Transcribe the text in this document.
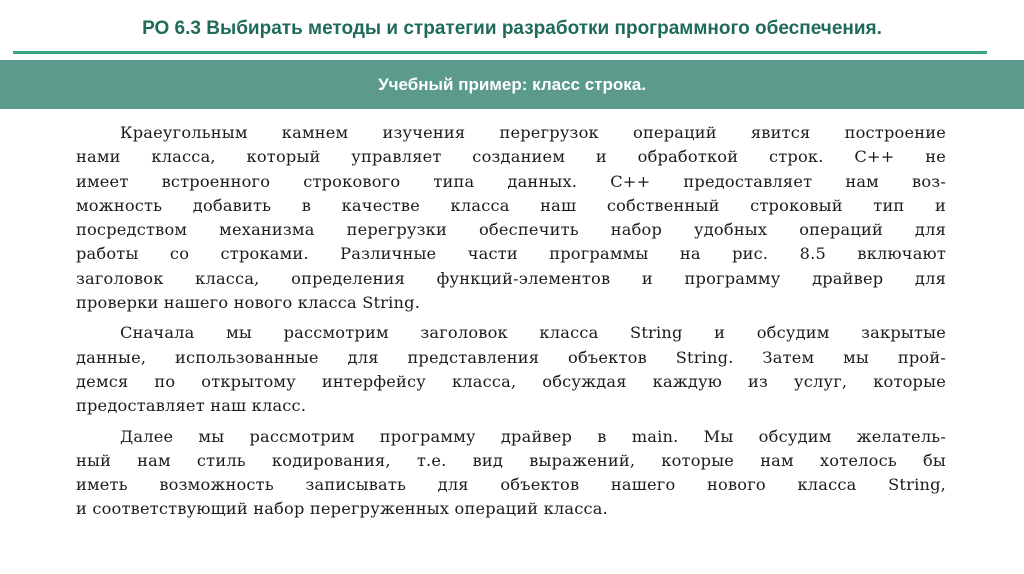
РО 6.3 Выбирать методы и стратегии разработки программного обеспечения.
Учебный пример: класс строка.
Краеугольным камнем изучения перегрузок операций явится построение
нами класса, который управляет созданием и обработкой строк. C++ не
имеет встроенного строкового типа данных. C++ предоставляет нам воз-
можность добавить в качестве класса наш собственный строковый тип и
посредством механизма перегрузки обеспечить набор удобных операций для
работы со строками. Различные части программы на рис. 8.5 включают
заголовок класса, определения функций-элементов и программу драйвер для
проверки нашего нового класса String.
Сначала мы рассмотрим заголовок класса String и обсудим закрытые
данные, использованные для представления объектов String. Затем мы прой-
демся по открытому интерфейсу класса, обсуждая каждую из услуг, которые
предоставляет наш класс.
Далее мы рассмотрим программу драйвер в main. Мы обсудим желатель-
ный нам стиль кодирования, т.е. вид выражений, которые нам хотелось бы
иметь возможность записывать для объектов нашего нового класса String,
и соответствующий набор перегруженных операций класса.
